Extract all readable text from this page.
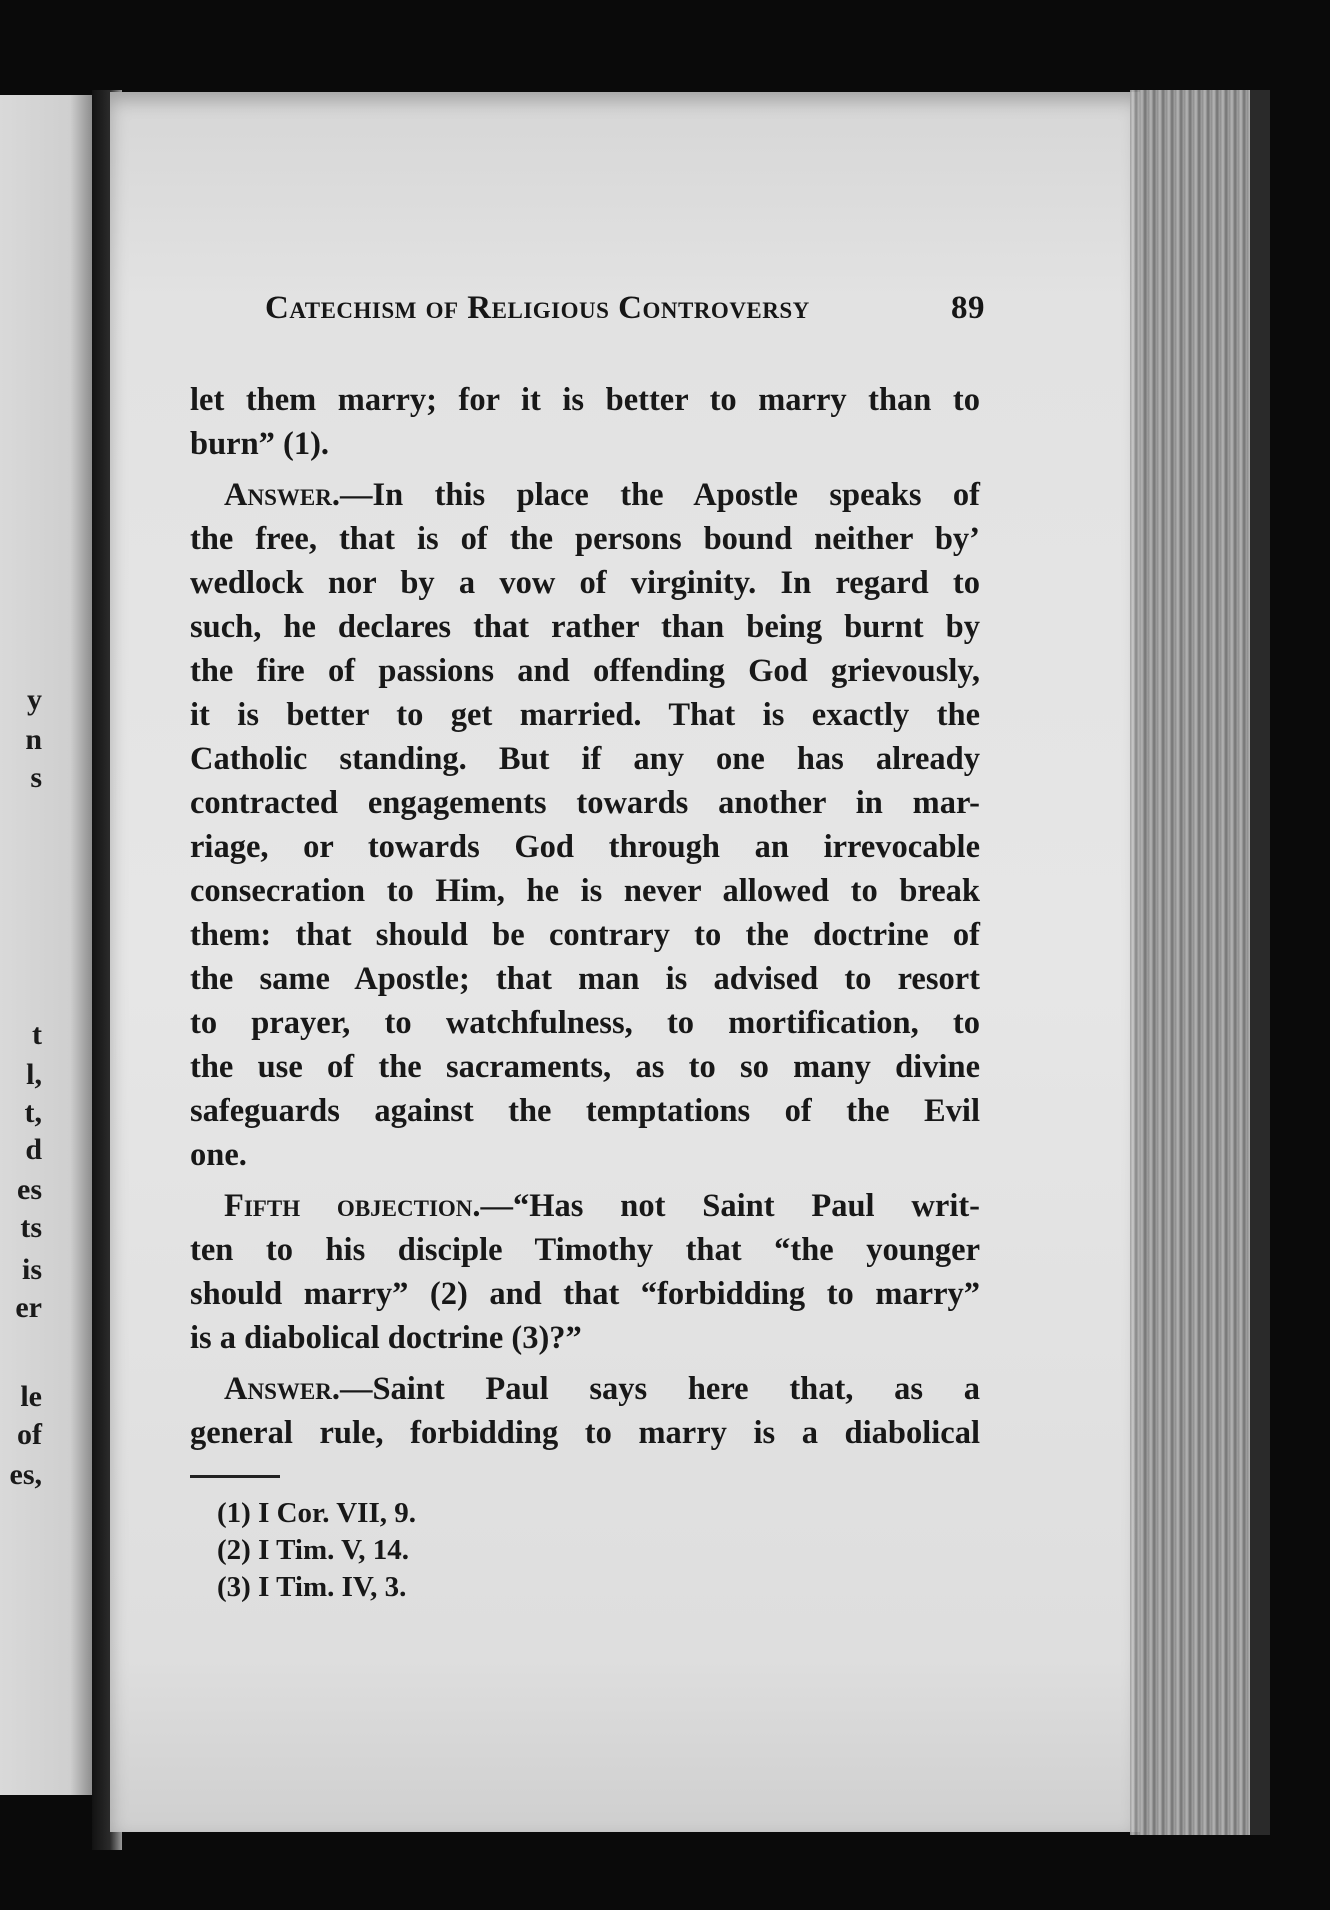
y
n
s
t
l,
t,
d
es
ts
is
er
le
of
es,
Catechism of Religious Controversy	89
let them marry; for it is better to marry than to
burn” (1).
Answer.—In this place the Apostle speaks of
the free, that is of the persons bound neither by’
wedlock nor by a vow of virginity. In regard to
such, he declares that rather than being burnt by
the fire of passions and offending God grievously,
it is better to get married. That is exactly the
Catholic standing. But if any one has already
contracted engagements towards another in mar-
riage, or towards God through an irrevocable
consecration to Him, he is never allowed to break
them: that should be contrary to the doctrine of
the same Apostle; that man is advised to resort
to prayer, to watchfulness, to mortification, to
the use of the sacraments, as to so many divine
safeguards against the temptations of the Evil
one.
Fifth objection.—“Has not Saint Paul writ-
ten to his disciple Timothy that “the younger
should marry” (2) and that “forbidding to marry”
is a diabolical doctrine (3)?”
Answer.—Saint Paul says here that, as a
general rule, forbidding to marry is a diabolical
(1) I Cor. VII, 9.
(2) I Tim. V, 14.
(3) I Tim. IV, 3.
